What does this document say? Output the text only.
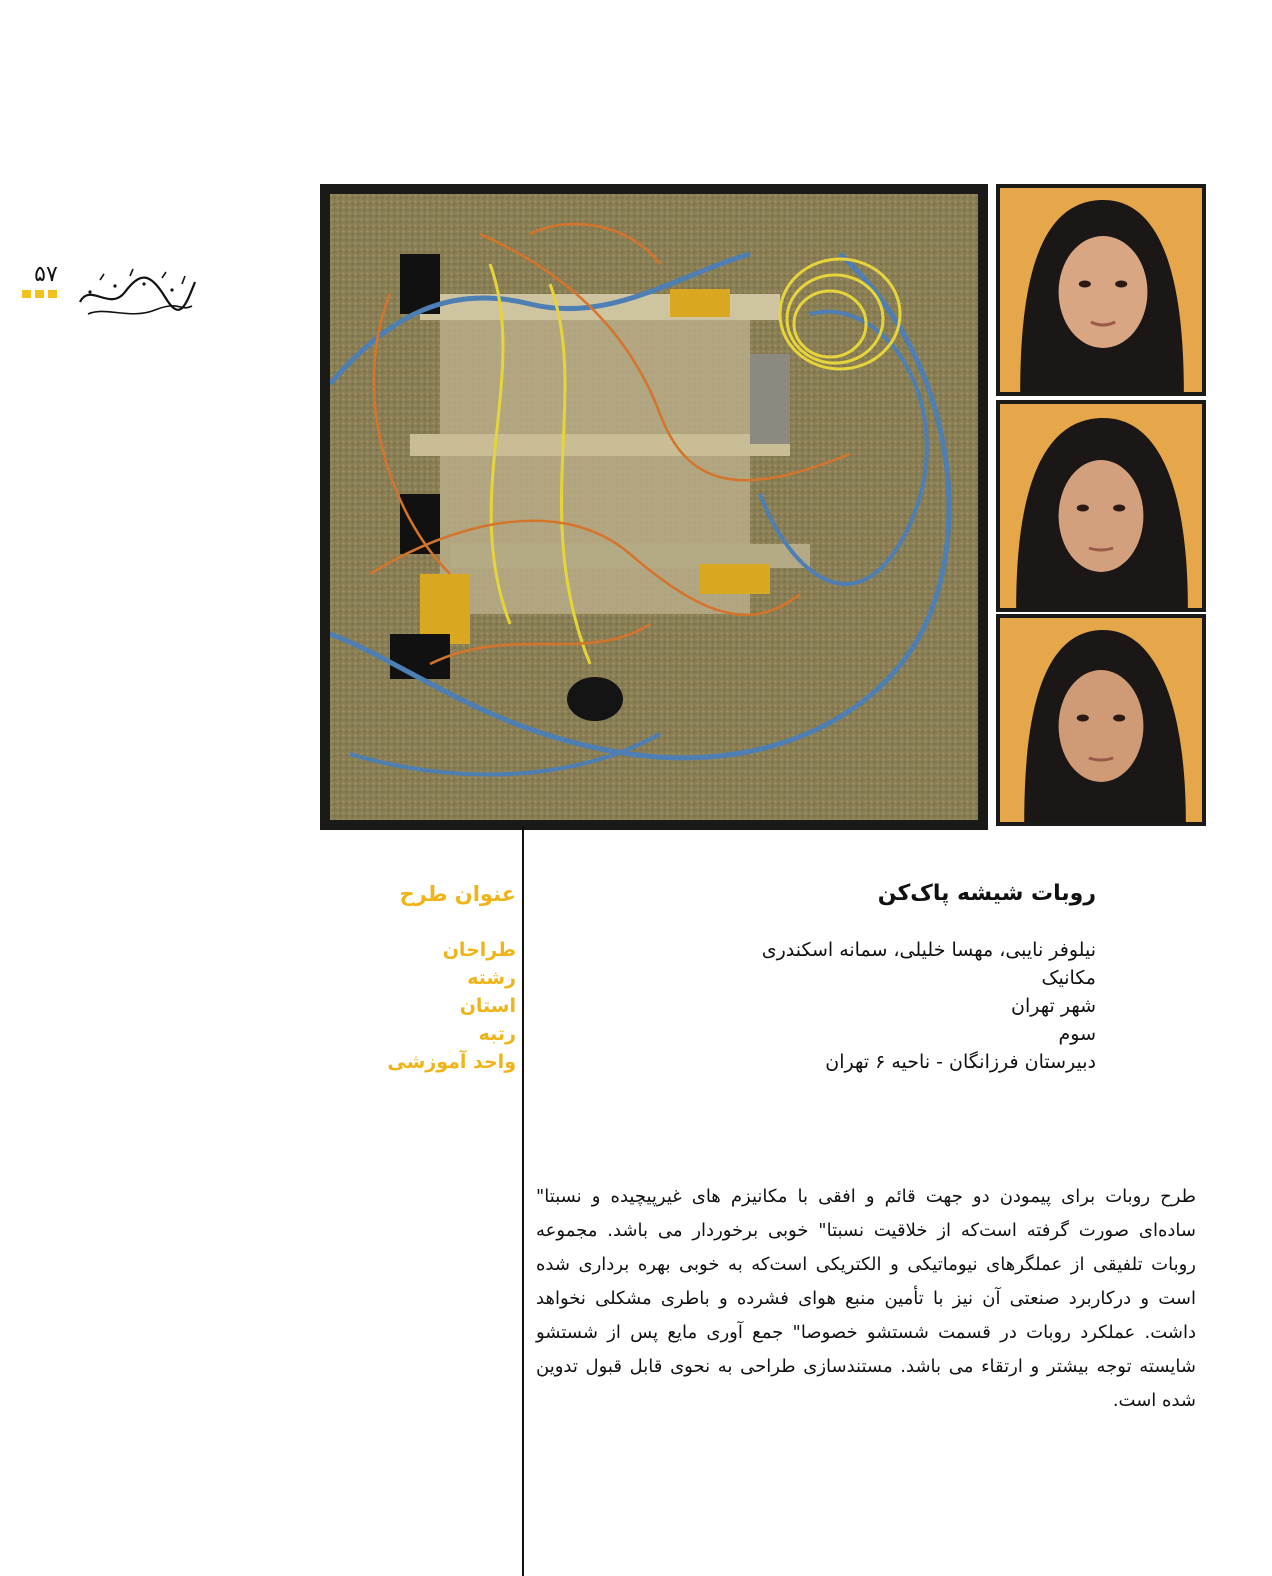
۵۷
عنوان طرح
طراحان
رشته
استان
رتبه
واحد آموزشی
روبات شیشه پاک‌کن
نیلوفر نایبی، مهسا خلیلی، سمانه اسکندری
مکانیک
شهر تهران
سوم
دبیرستان فرزانگان - ناحیه ۶ تهران
طرح روبات برای پیمودن دو جهت قائم و افقی با مکانیزم های غیرپیچیده و نسبتا" ساده‌ای صورت گرفته است‌که از خلاقیت نسبتا" خوبی برخوردار می باشد. مجموعه روبات تلفیقی از عملگرهای نیوماتیکی و الکتریکی است‌که به خوبی بهره برداری شده است و درکاربرد صنعتی آن نیز با تأمین منبع هوای فشرده و باطری مشکلی نخواهد داشت. عملکرد روبات در قسمت شستشو خصوصا" جمع آوری مایع پس از شستشو شایسته توجه بیشتر و ارتقاء می باشد. مستندسازی طراحی به نحوی قابل قبول تدوین شده است.
